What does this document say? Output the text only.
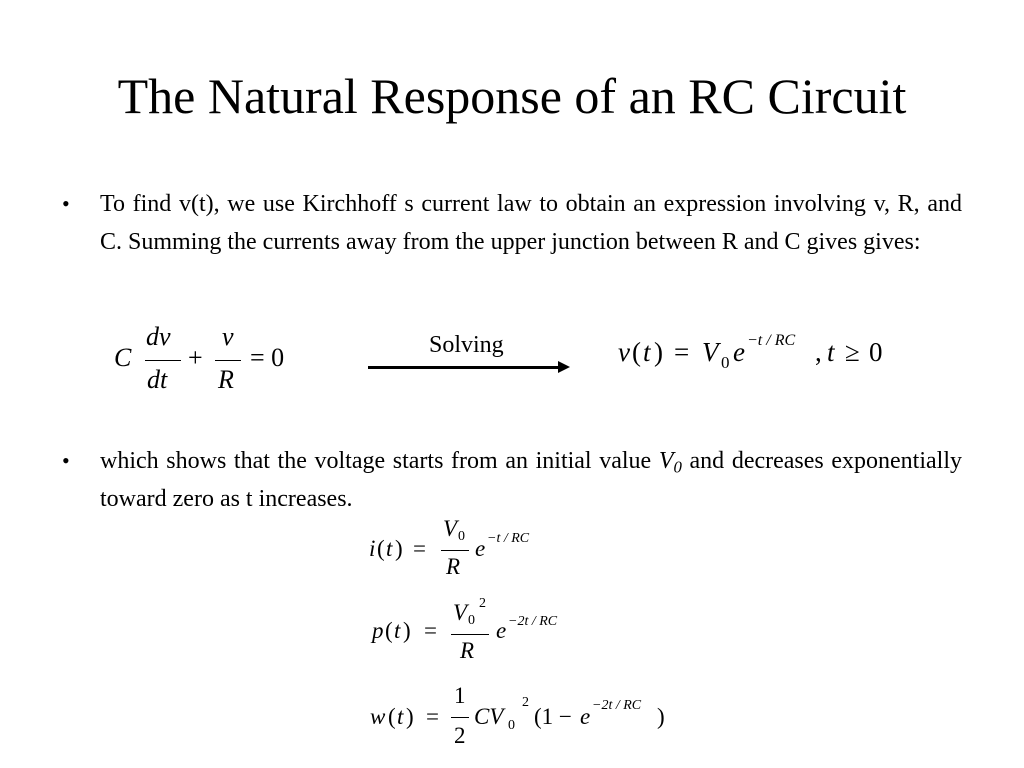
The Natural Response of an RC Circuit
• To find v(t), we use Kirchhoff s current law to obtain an expression involving v, R, and C. Summing the currents away from the upper junction between R and C gives gives:
C
dv
dt
+
v
R
= 0	Solving	v ( t ) = V 0 e −t / RC , t ≥ 0
• which shows that the voltage starts from an initial value $V_0$ and decreases exponentially toward zero as t increases.
i ( t ) =
V 0
R
e −t / RC
p ( t ) =
V 0
2
R
e −2t / RC
w ( t ) =
1
2
CV 0
2
(1 − e −2t / RC )
